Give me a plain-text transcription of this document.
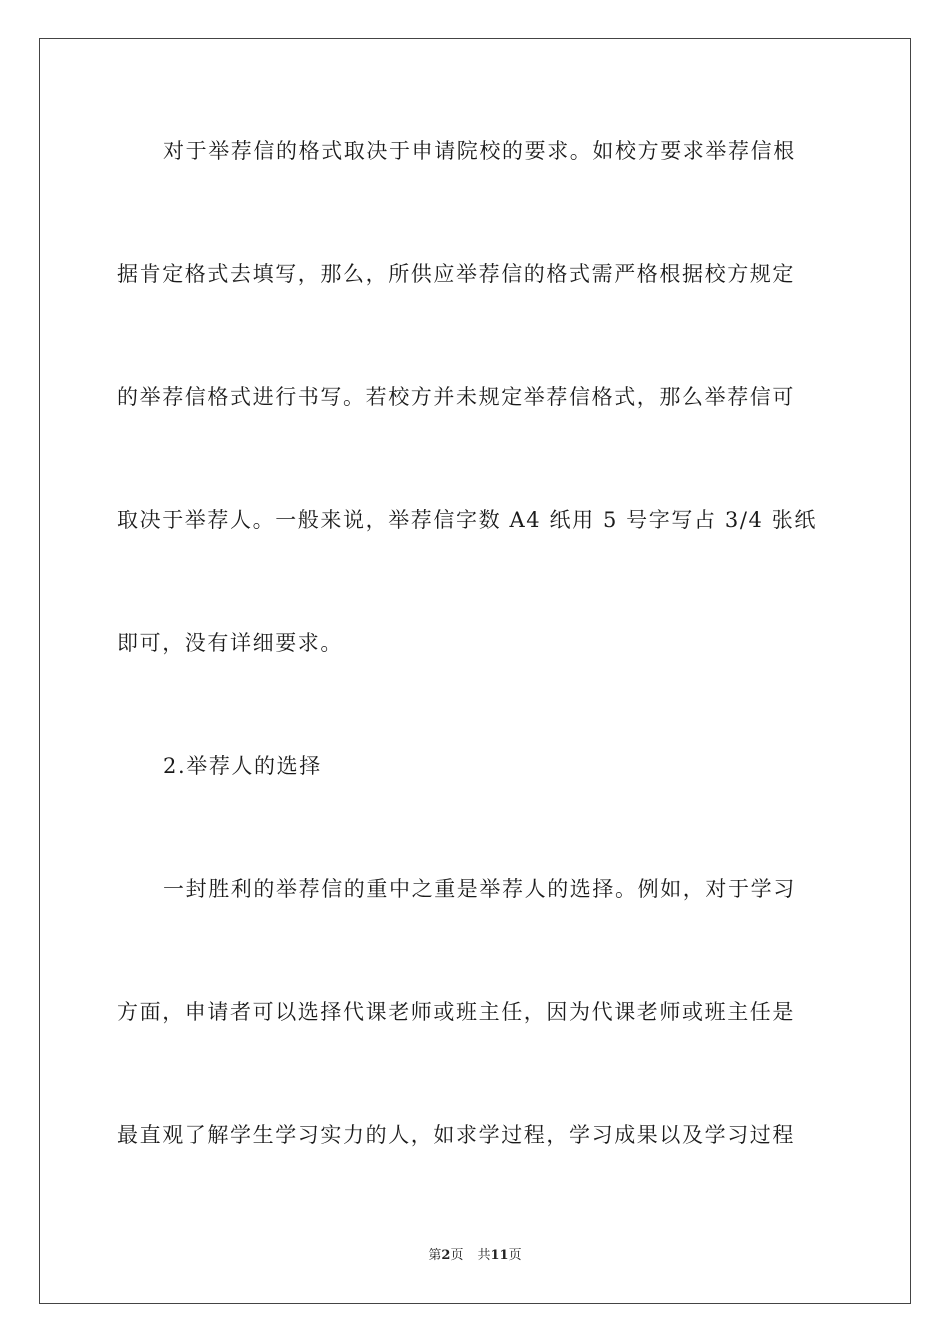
对于举荐信的格式取决于申请院校的要求。如校方要求举荐信根
据肯定格式去填写，那么，所供应举荐信的格式需严格根据校方规定
的举荐信格式进行书写。若校方并未规定举荐信格式，那么举荐信可
取决于举荐人。一般来说，举荐信字数 A4 纸用 5 号字写占 3/4 张纸
即可，没有详细要求。
2.举荐人的选择
一封胜利的举荐信的重中之重是举荐人的选择。例如，对于学习
方面，申请者可以选择代课老师或班主任，因为代课老师或班主任是
最直观了解学生学习实力的人，如求学过程，学习成果以及学习过程
第2页 共11页
